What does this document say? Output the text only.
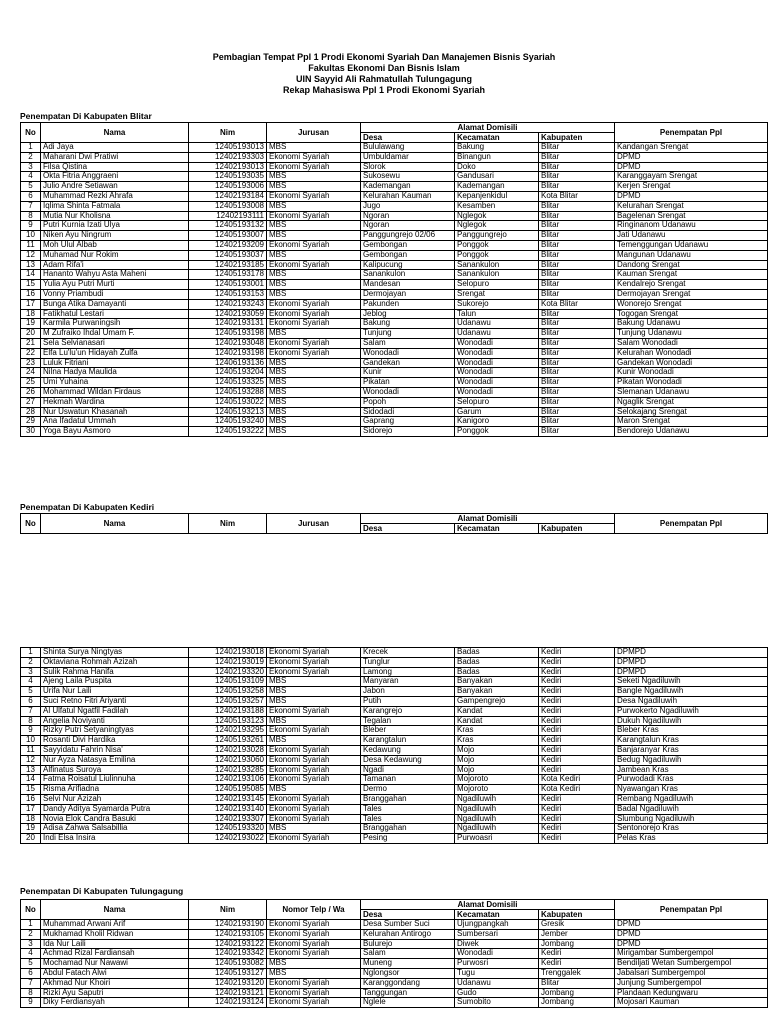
Pembagian Tempat Ppl 1 Prodi Ekonomi Syariah Dan Manajemen Bisnis Syariah
Fakultas Ekonomi Dan Bisnis Islam
UIN Sayyid Ali Rahmatullah Tulungagung
Rekap Mahasiswa Ppl 1 Prodi Ekonomi Syariah
Penempatan Di Kabupaten Blitar
No	Nama	Nim	Jurusan	Alamat Domisili			Penempatan Ppl
				Desa	Kecamatan	Kabupaten	
1	Adi Jaya	12405193013	MBS	Bululawang	Bakung	Blitar	Kandangan Srengat
2	Maharani Dwi Pratiwi	12402193303	Ekonomi Syariah	Umbuldamar	Binangun	Blitar	DPMD
3	Filsa Qistina	12402193013	Ekonomi Syariah	Slorok	Doko	Blitar	DPMD
4	Okta Fitria Anggraeni	12405193035	MBS	Sukosewu	Gandusari	Blitar	Karanggayam Srengat
5	Julio Andre Setiawan	12405193006	MBS	Kademangan	Kademangan	Blitar	Kerjen Srengat
6	Muhammad Rezki Ahrafa	12402193184	Ekonomi Syariah	Kelurahan Kauman	Kepanjenkidul	Kota Blitar	DPMD
7	Iqlima Shinta Fatmala	12405193008	MBS	Jugo	Kesamben	Blitar	Kelurahan Srengat
8	Mutia Nur Kholisna	12402193111	Ekonomi Syariah	Ngoran	Nglegok	Blitar	Bagelenan Srengat
9	Putri Kurnia Izati Ulya	12405193132	MBS	Ngoran	Nglegok	Blitar	Ringinanom Udanawu
10	Niken Ayu Ningrum	12405193007	MBS	Panggungrejo 02/06	Panggungrejo	Blitar	Jati Udanawu
11	Moh Ulul Albab	12402193209	Ekonomi Syariah	Gembongan	Ponggok	Blitar	Temenggungan Udanawu
12	Muhamad Nur Rokim	12405193037	MBS	Gembongan	Ponggok	Blitar	Mangunan Udanawu
13	Adam Rifa'i	12402193185	Ekonomi Syariah	Kalipucung	Sanankulon	Blitar	Dandong Srengat
14	Hananto Wahyu Asta Maheni	12405193178	MBS	Sanankulon	Sanankulon	Blitar	Kauman Srengat
15	Yulia Ayu Putri Murti	12405193001	MBS	Mandesan	Selopuro	Blitar	Kendalrejo Srengat
16	Vonny Priambudi	12405193153	MBS	Dermojayan	Srengat	Blitar	Dermojayan Srengat
17	Bunga Atika Damayanti	12402193243	Ekonomi Syariah	Pakunden	Sukorejo	Kota Blitar	Wonorejo Srengat
18	Fatikhatul Lestari	12402193059	Ekonomi Syariah	Jeblog	Talun	Blitar	Togogan Srengat
19	Karmila Purwaningsih	12402193131	Ekonomi Syariah	Bakung	Udanawu	Blitar	Bakung Udanawu
20	M Zufraiko Ihdal Umam F.	12405193198	MBS	Tunjung	Udanawu	Blitar	Tunjung Udanawu
21	Sela Selvianasari	12402193048	Ekonomi Syariah	Salam	Wonodadi	Blitar	Salam Wonodadi
22	Elfa Lu'lu'un Hidayah Zulfa	12402193198	Ekonomi Syariah	Wonodadi	Wonodadi	Blitar	Kelurahan Wonodadi
23	Luluk Fitriani	12406193136	MBS	Gandekan	Wonodadi	Blitar	Gandekan Wonodadi
24	Nilna Hadya Maulida	12405193204	MBS	Kunir	Wonodadi	Blitar	Kunir Wonodadi
25	Umi Yuhaina	12405193325	MBS	Pikatan	Wonodadi	Blitar	Pikatan Wonodadi
26	Mohammad Wildan Firdaus	12405193288	MBS	Wonodadi	Wonodadi	Blitar	Slemanan Udanawu
27	Hekmah Wardina	12405193022	MBS	Popoh	Selopuro	Blitar	Ngaglik Srengat
28	Nur Uswatun Khasanah	12405193213	MBS	Sidodadi	Garum	Blitar	Selokajang Srengat
29	Ana Ifadatul Ummah	12405193240	MBS	Gaprang	Kanigoro	Blitar	Maron Srengat
30	Yoga Bayu Asmoro	12405193222	MBS	Sidorejo	Ponggok	Blitar	Bendorejo Udanawu
Penempatan Di Kabupaten Kediri
No	Nama	Nim	Jurusan	Alamat Domisili			Penempatan Ppl
				Desa	Kecamatan	Kabupaten	
1	Shinta Surya Ningtyas	12402193018	Ekonomi Syariah	Krecek	Badas	Kediri	DPMPD
2	Oktaviana Rohmah Azizah	12402193019	Ekonomi Syariah	Tunglur	Badas	Kediri	DPMPD
3	Sulik Rahma Hanifa	12402193320	Ekonomi Syariah	Lamong	Badas	Kediri	DPMPD
4	Ajeng Laila Puspita	12405193109	MBS	Manyaran	Banyakan	Kediri	Seketi Ngadiluwih
5	Urifa Nur Laili	12405193258	MBS	Jabon	Banyakan	Kediri	Bangle Ngadiluwih
6	Suci Retno Fitri Ariyanti	12405193257	MBS	Putih	Gampengrejo	Kediri	Desa Ngadiluwih
7	Al Ulfatul Ngatfil Fadilah	12402193188	Ekonomi Syariah	Karangrejo	Kandat	Kediri	Purwokerto Ngadiluwih
8	Angelia Noviyanti	12405193123	MBS	Tegalan	Kandat	Kediri	Dukuh Ngadiluwih
9	Rizky Putri Setyaningtyas	12402193295	Ekonomi Syariah	Bleber	Kras	Kediri	Bleber Kras
10	Rosanti Divi Hardika	12405193261	MBS	Karangtalun	Kras	Kediri	Karangtalun Kras
11	Sayyidatu Fahrin Nisa'	12402193028	Ekonomi Syariah	Kedawung	Mojo	Kediri	Banjaranyar Kras
12	Nur Ayza Natasya Emilina	12402193060	Ekonomi Syariah	Desa Kedawung	Mojo	Kediri	Bedug Ngadiluwih
13	Alfinatus Suroya	12402193285	Ekonomi Syariah	Ngadi	Mojo	Kediri	Jambean Kras
14	Fatma Roisatul Liulinnuha	12402193106	Ekonomi Syariah	Tamanan	Mojoroto	Kota Kediri	Purwodadi Kras
15	Risma Arifiadna	12405195085	MBS	Dermo	Mojoroto	Kota Kediri	Nyawangan Kras
16	Selvi Nur Azizah	12402193145	Ekonomi Syariah	Branggahan	Ngadiluwih	Kediri	Rembang Ngadiluwih
17	Dandy Aditya Syamarda Putra	12402193140	Ekonomi Syariah	Tales	Ngadiluwih	Kediri	Badal Ngadiluwih
18	Novia Elok Candra Basuki	12402193307	Ekonomi Syariah	Tales	Ngadiluwih	Kediri	Slumbung Ngadiluwih
19	Adisa Zahwa Salsabillia	12405193320	MBS	Branggahan	Ngadiluwih	Kediri	Sentonorejo Kras
20	Indi Elsa Insira	12402193022	Ekonomi Syariah	Pesing	Purwoasri	Kediri	Pelas Kras
Penempatan Di Kabupaten Tulungagung
No	Nama	Nim	Nomor Telp / Wa	Alamat Domisili			Penempatan Ppl
				Desa	Kecamatan	Kabupaten	
1	Muhammad Arwani Arif	12402193190	Ekonomi Syariah	Desa Sumber Suci	Ujungpangkah	Gresik	DPMD
2	Mukhamad Kholil Ridwan	12402193105	Ekonomi Syariah	Kelurahan Antirogo	Sumbersari	Jember	DPMD
3	Ida Nur Laili	12402193122	Ekonomi Syariah	Bulurejo	Diwek	Jombang	DPMD
4	Achmad Rizal Fardiansah	12402193342	Ekonomi Syariah	Salam	Wonodadi	Kediri	Mirigambar Sumbergempol
5	Mochamad Nur Nawawi	12405193082	MBS	Muneng	Purwosri	Kediri	Bendiljati Wetan Sumbergempol
6	Abdul Fatach Alwi	12405193127	MBS	Nglongsor	Tugu	Trenggalek	Jabalsari Sumbergempol
7	Akhmad Nur Khoiri	12402193120	Ekonomi Syariah	Karanggondang	Udanawu	Blitar	Junjung Sumbergempol
8	Rizki Ayu Saputri	12402193121	Ekonomi Syariah	Tanggungan	Gudo	Jombang	Plandaan Kedungwaru
9	Diky Ferdiansyah	12402193124	Ekonomi Syariah	Nglele	Sumobito	Jombang	Mojosari Kauman
